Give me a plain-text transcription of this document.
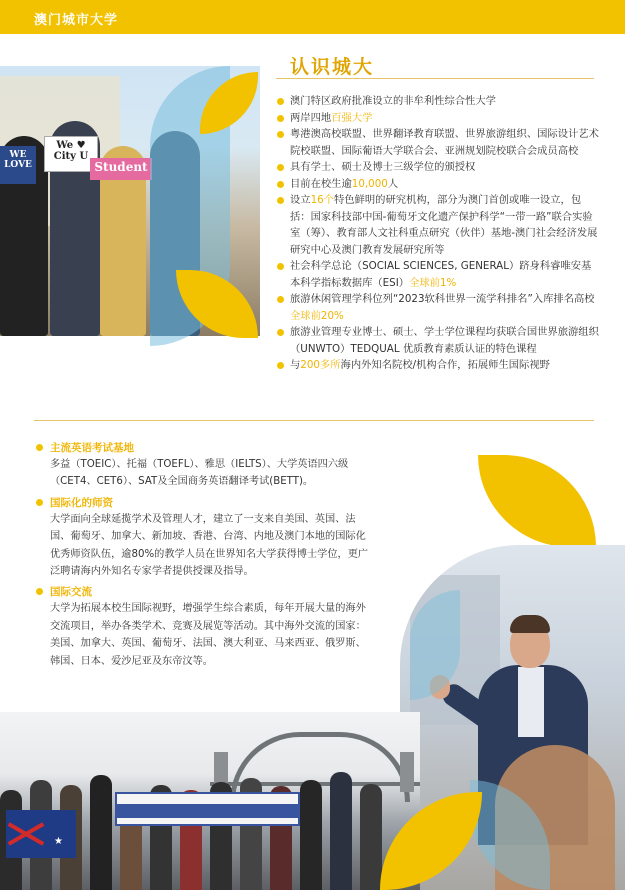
澳门城市大学
WE LOVE
We ♥ City U
Student
认识城大
澳门特区政府批准设立的非牟利性综合性大学
两岸四地百强大学
粤港澳高校联盟、世界翻译教育联盟、世界旅游组织、国际设计艺术院校联盟、国际葡语大学联合会、亚洲规划院校联合会成员高校
具有学士、硕士及博士三级学位的颁授权
目前在校生逾10,000人
设立16个特色鲜明的研究机构，部分为澳门首创或唯一设立，包括：国家科技部中国-葡萄牙文化遗产保护科学“一带一路”联合实验室（筹）、教育部人文社科重点研究（伙伴）基地-澳门社会经济发展研究中心及澳门教育发展研究所等
社会科学总论（SOCIAL SCIENCES, GENERAL）跻身科睿唯安基本科学指标数据库（ESI）全球前1%
旅游休闲管理学科位列“2023软科世界一流学科排名”入库排名高校全球前20%
旅游业管理专业博士、硕士、学士学位课程均获联合国世界旅游组织（UNWTO）TEDQUAL 优质教育素质认证的特色课程
与200多所海内外知名院校/机构合作，拓展师生国际视野
主流英语考试基地
多益（TOEIC）、托福（TOEFL）、雅思（IELTS）、大学英语四六级（CET4、CET6）、SAT及全国商务英语翻译考试(BETT)。
国际化的师资
大学面向全球延揽学术及管理人才，建立了一支来自美国、英国、法国、葡萄牙、加拿大、新加坡、香港、台湾、内地及澳门本地的国际化优秀师资队伍，逾80%的教学人员在世界知名大学获得博士学位，更广泛聘请海内外知名专家学者提供授课及指导。
国际交流
大学为拓展本校生国际视野，增强学生综合素质，每年开展大量的海外交流项目，举办各类学术、竞赛及展览等活动。其中海外交流的国家：美国、加拿大、英国、葡萄牙、法国、澳大利亚、马来西亚、俄罗斯、韩国、日本、爱沙尼亚及东帝汶等。
★
